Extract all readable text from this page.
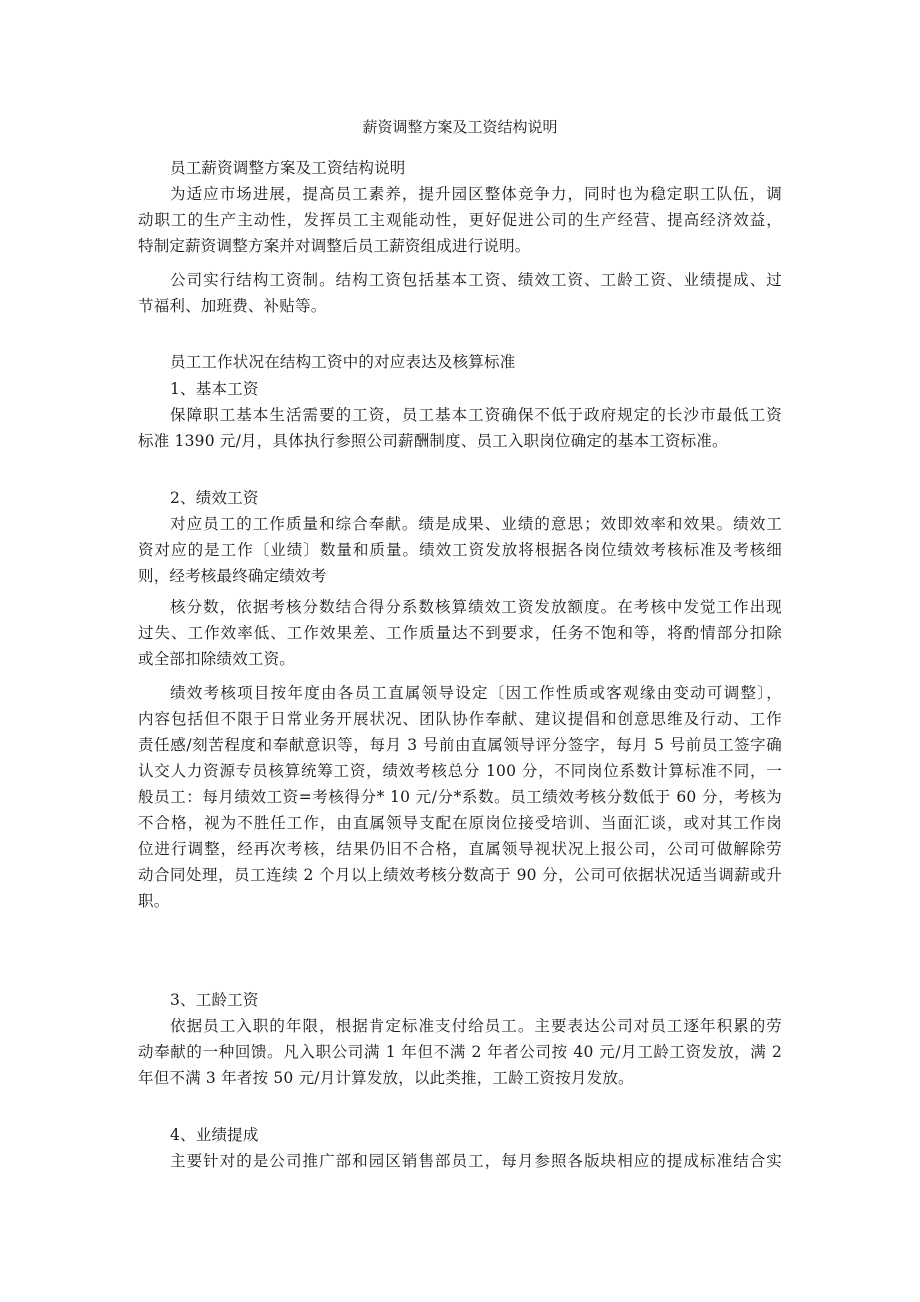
薪资调整方案及工资结构说明
员工薪资调整方案及工资结构说明
为适应市场进展，提高员工素养，提升园区整体竞争力，同时也为稳定职工队伍，调
动职工的生产主动性，发挥员工主观能动性，更好促进公司的生产经营、提高经济效益，
特制定薪资调整方案并对调整后员工薪资组成进行说明。
公司实行结构工资制。结构工资包括基本工资、绩效工资、工龄工资、业绩提成、过
节福利、加班费、补贴等。
员工工作状况在结构工资中的对应表达及核算标准
1、基本工资
保障职工基本生活需要的工资，员工基本工资确保不低于政府规定的长沙市最低工资
标准 1390 元/月，具体执行参照公司薪酬制度、员工入职岗位确定的基本工资标准。
2、绩效工资
对应员工的工作质量和综合奉献。绩是成果、业绩的意思；效即效率和效果。绩效工
资对应的是工作〔业绩〕数量和质量。绩效工资发放将根据各岗位绩效考核标准及考核细
则，经考核最终确定绩效考
核分数，依据考核分数结合得分系数核算绩效工资发放额度。在考核中发觉工作出现
过失、工作效率低、工作效果差、工作质量达不到要求，任务不饱和等，将酌情部分扣除
或全部扣除绩效工资。
绩效考核项目按年度由各员工直属领导设定〔因工作性质或客观缘由变动可调整〕，
内容包括但不限于日常业务开展状况、团队协作奉献、建议提倡和创意思维及行动、工作
责任感/刻苦程度和奉献意识等，每月 3 号前由直属领导评分签字，每月 5 号前员工签字确
认交人力资源专员核算统筹工资，绩效考核总分 100 分，不同岗位系数计算标准不同，一
般员工：每月绩效工资=考核得分* 10 元/分*系数。员工绩效考核分数低于 60 分，考核为
不合格，视为不胜任工作，由直属领导支配在原岗位接受培训、当面汇谈，或对其工作岗
位进行调整，经再次考核，结果仍旧不合格，直属领导视状况上报公司，公司可做解除劳
动合同处理，员工连续 2 个月以上绩效考核分数高于 90 分，公司可依据状况适当调薪或升
职。
3、工龄工资
依据员工入职的年限，根据肯定标准支付给员工。主要表达公司对员工逐年积累的劳
动奉献的一种回馈。凡入职公司满 1 年但不满 2 年者公司按 40 元/月工龄工资发放，满 2
年但不满 3 年者按 50 元/月计算发放，以此类推，工龄工资按月发放。
4、业绩提成
主要针对的是公司推广部和园区销售部员工，每月参照各版块相应的提成标准结合实
